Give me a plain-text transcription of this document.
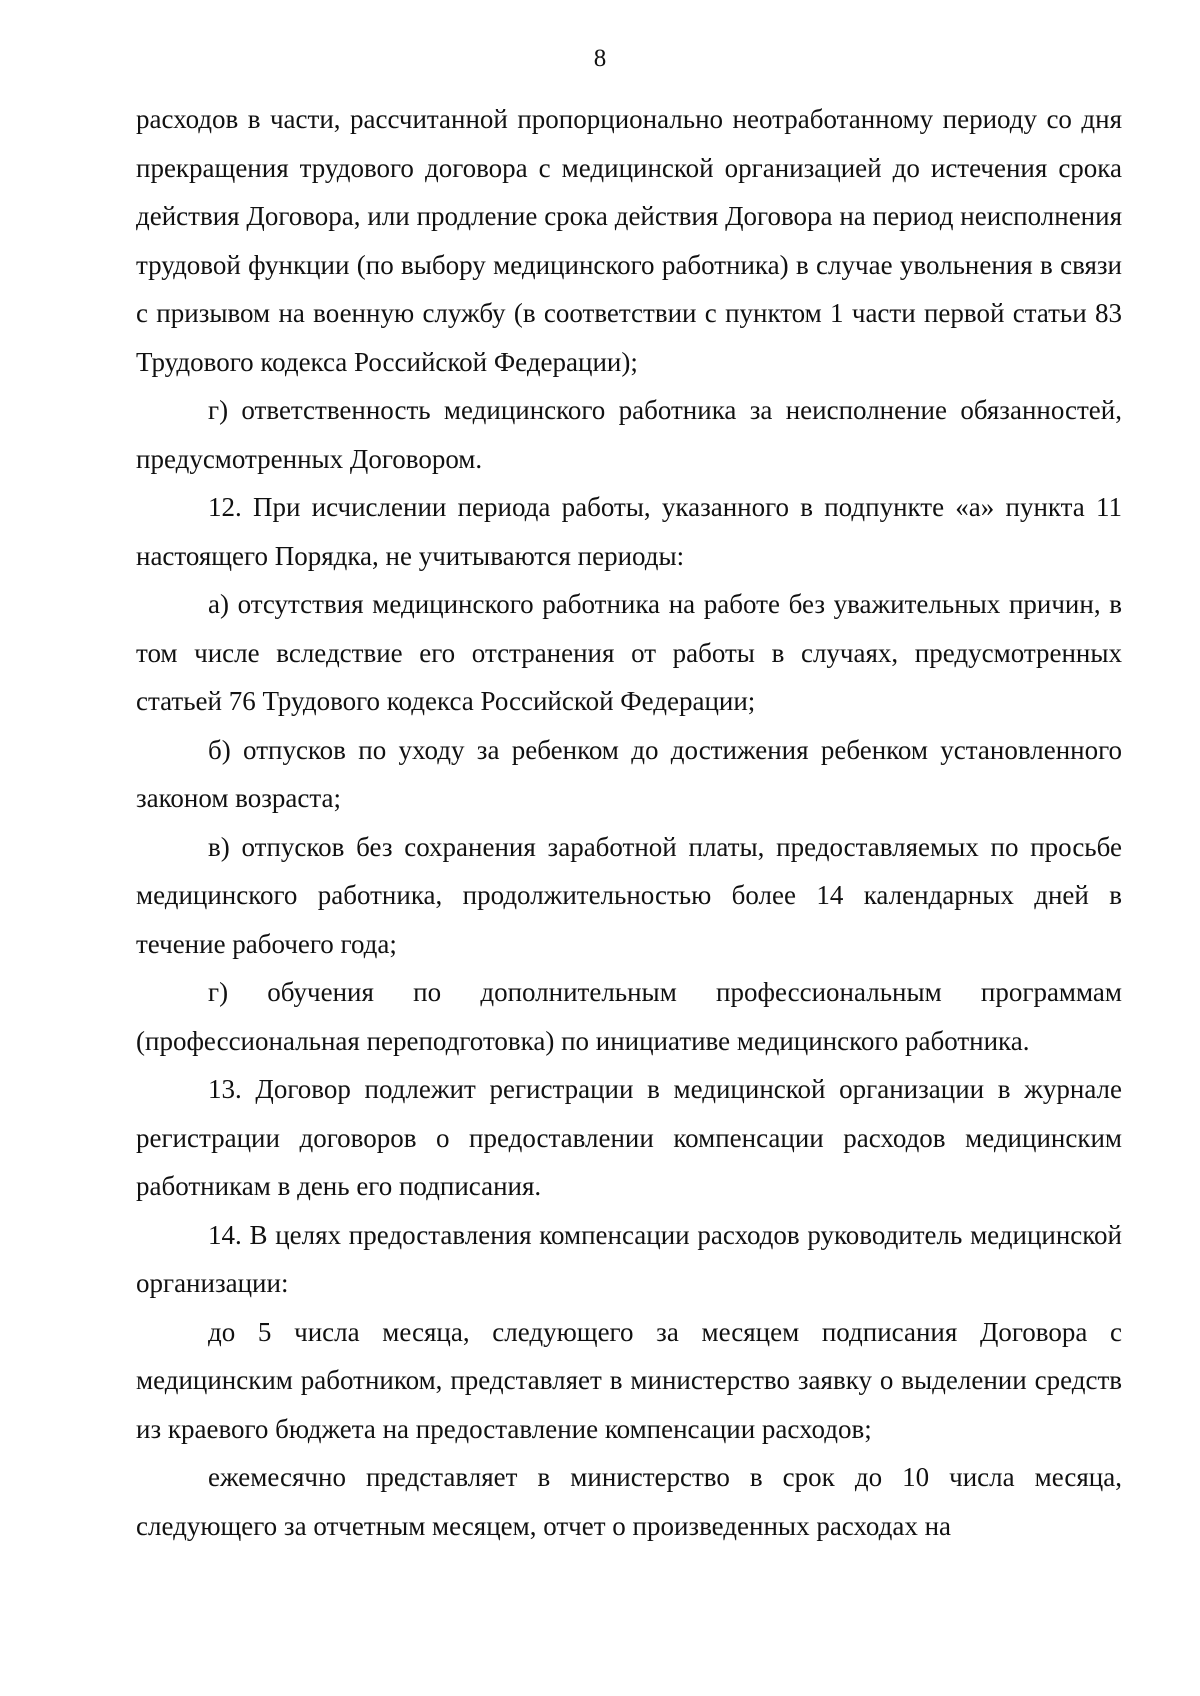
8

расходов в части, рассчитанной пропорционально неотработанному периоду со дня прекращения трудового договора с медицинской организацией до истечения срока действия Договора, или продление срока действия Договора на период неисполнения трудовой функции (по выбору медицинского работника) в случае увольнения в связи с призывом на военную службу (в соответствии с пунктом 1 части первой статьи 83 Трудового кодекса Российской Федерации);

г) ответственность медицинского работника за неисполнение обязанностей, предусмотренных Договором.

12. При исчислении периода работы, указанного в подпункте «а» пункта 11 настоящего Порядка, не учитываются периоды:

а) отсутствия медицинского работника на работе без уважительных причин, в том числе вследствие его отстранения от работы в случаях, предусмотренных статьей 76 Трудового кодекса Российской Федерации;

б) отпусков по уходу за ребенком до достижения ребенком установленного законом возраста;

в) отпусков без сохранения заработной платы, предоставляемых по просьбе медицинского работника, продолжительностью более 14 календарных дней в течение рабочего года;

г) обучения по дополнительным профессиональным программам (профессиональная переподготовка) по инициативе медицинского работника.

13. Договор подлежит регистрации в медицинской организации в журнале регистрации договоров о предоставлении компенсации расходов медицинским работникам в день его подписания.

14. В целях предоставления компенсации расходов руководитель медицинской организации:

до 5 числа месяца, следующего за месяцем подписания Договора с медицинским работником, представляет в министерство заявку о выделении средств из краевого бюджета на предоставление компенсации расходов;

ежемесячно представляет в министерство в срок до 10 числа месяца, следующего за отчетным месяцем, отчет о произведенных расходах на
